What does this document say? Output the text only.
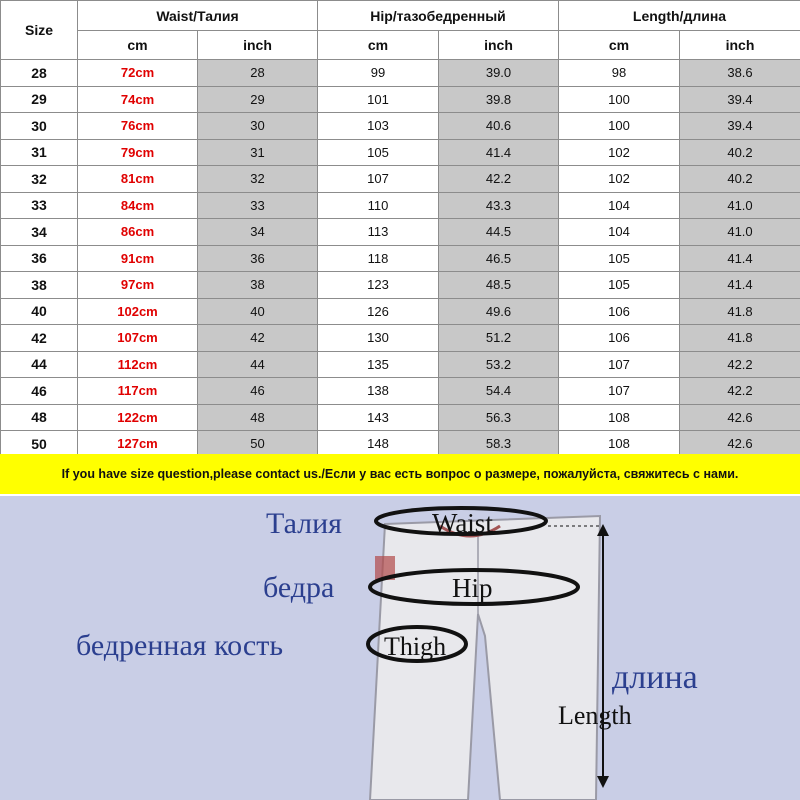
Size	Waist/Талия		Hip/тазобедренный		Length/длина	
	cm	inch	cm	inch	cm	inch
28	72cm	28	99	39.0	98	38.6
29	74cm	29	101	39.8	100	39.4
30	76cm	30	103	40.6	100	39.4
31	79cm	31	105	41.4	102	40.2
32	81cm	32	107	42.2	102	40.2
33	84cm	33	110	43.3	104	41.0
34	86cm	34	113	44.5	104	41.0
36	91cm	36	118	46.5	105	41.4
38	97cm	38	123	48.5	105	41.4
40	102cm	40	126	49.6	106	41.8
42	107cm	42	130	51.2	106	41.8
44	112cm	44	135	53.2	107	42.2
46	117cm	46	138	54.4	107	42.2
48	122cm	48	143	56.3	108	42.6
50	127cm	50	148	58.3	108	42.6
If you have size question,please contact us./Если у вас есть вопрос о размере, пожалуйста, свяжитесь с нами.
Талия	Waist
бедра	Hip
бедренная кость	Thigh
длина
Length
